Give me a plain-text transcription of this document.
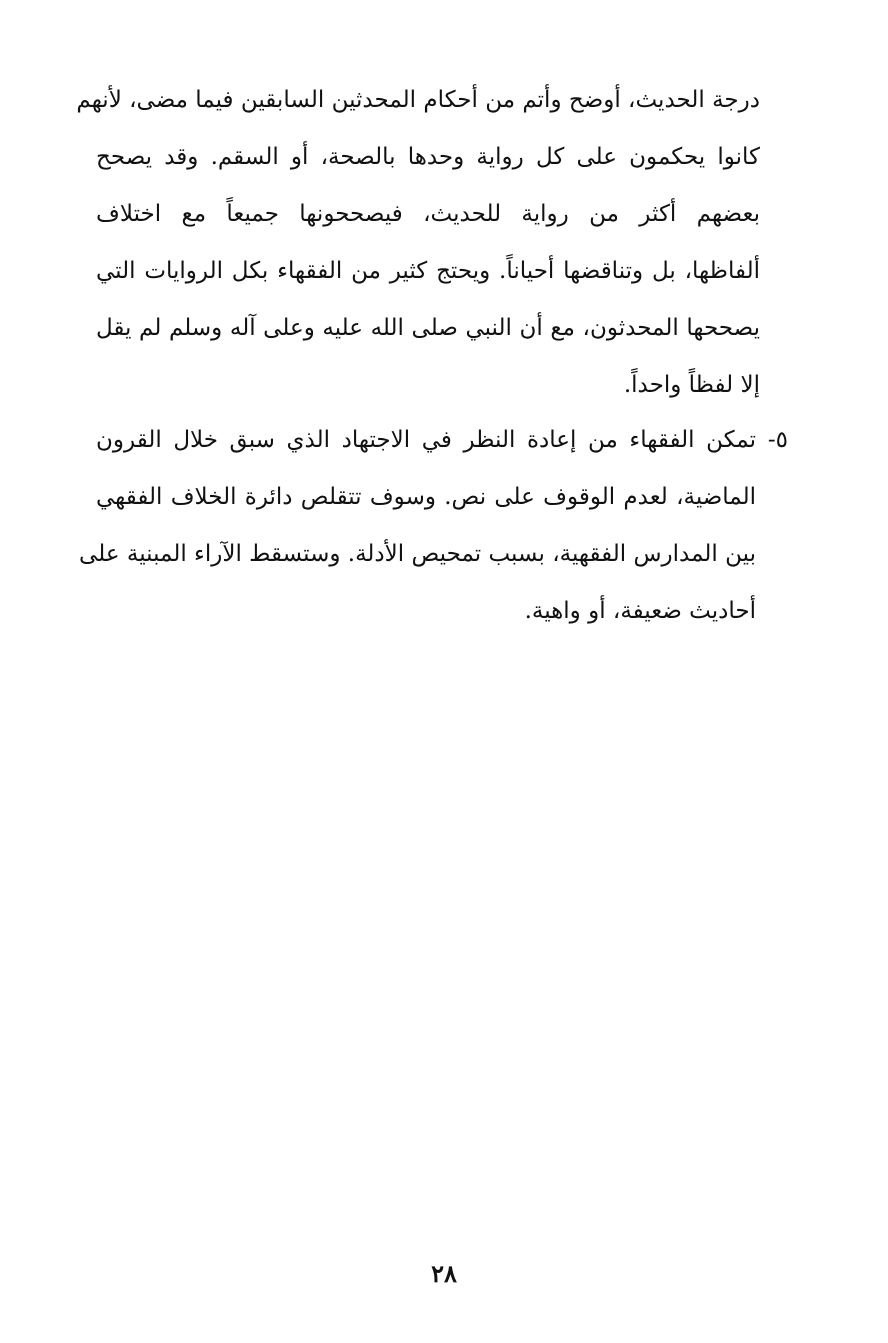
درجة الحديث، أوضح وأتم من أحكام المحدثين السابقين فيما مضى، لأنهم
كانوا يحكمون على كل رواية وحدها بالصحة، أو السقم. وقد يصحح
بعضهم أكثر من رواية للحديث، فيصححونها جميعاً مع اختلاف
ألفاظها، بل وتناقضها أحياناً. ويحتج كثير من الفقهاء بكل الروايات التي
يصححها المحدثون، مع أن النبي صلى الله عليه وعلى آله وسلم لم يقل
إلا لفظاً واحداً.
٥-
تمكن الفقهاء من إعادة النظر في الاجتهاد الذي سبق خلال القرون
الماضية، لعدم الوقوف على نص. وسوف تتقلص دائرة الخلاف الفقهي
بين المدارس الفقهية، بسبب تمحيص الأدلة. وستسقط الآراء المبنية على
أحاديث ضعيفة، أو واهية.
٢٨
